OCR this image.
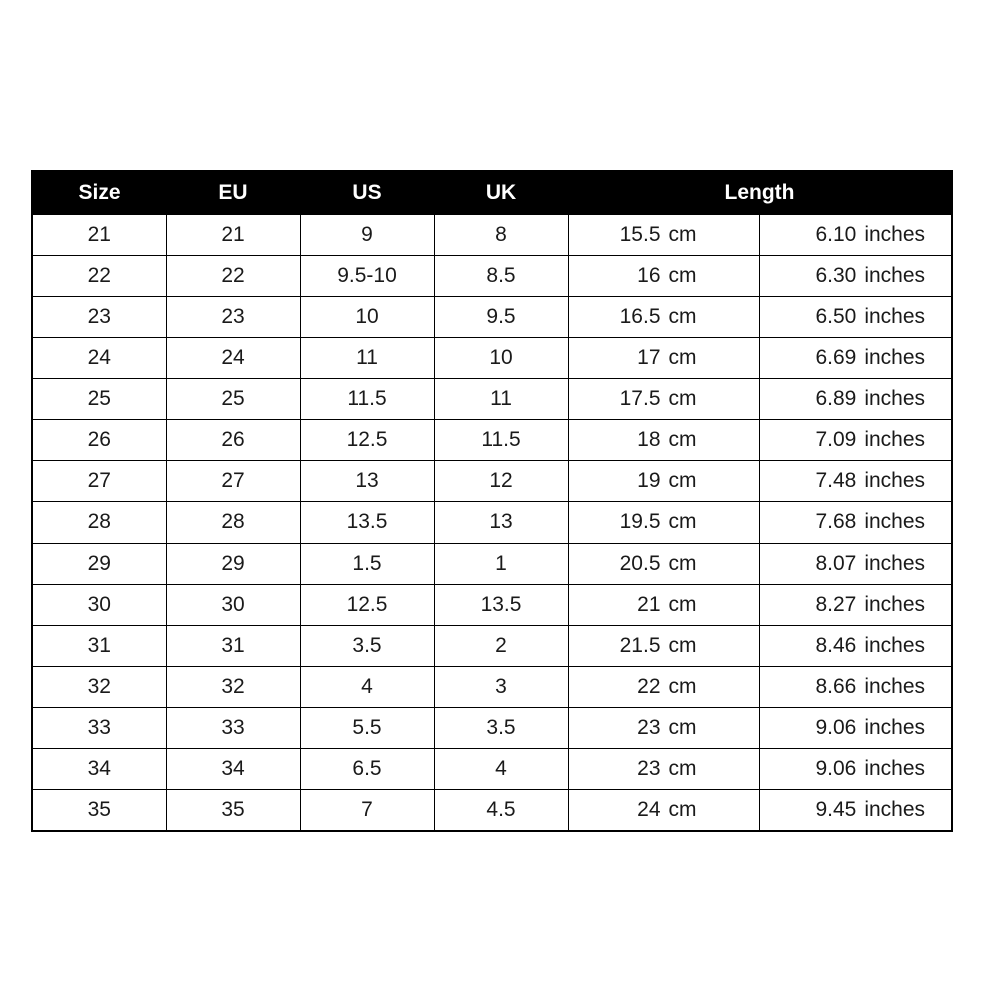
Size	EU	US	UK	Length	
21	21	9	8	15.5 cm	6.10 inches
22	22	9.5-10	8.5	16 cm	6.30 inches
23	23	10	9.5	16.5 cm	6.50 inches
24	24	11	10	17 cm	6.69 inches
25	25	11.5	11	17.5 cm	6.89 inches
26	26	12.5	11.5	18 cm	7.09 inches
27	27	13	12	19 cm	7.48 inches
28	28	13.5	13	19.5 cm	7.68 inches
29	29	1.5	1	20.5 cm	8.07 inches
30	30	12.5	13.5	21 cm	8.27 inches
31	31	3.5	2	21.5 cm	8.46 inches
32	32	4	3	22 cm	8.66 inches
33	33	5.5	3.5	23 cm	9.06 inches
34	34	6.5	4	23 cm	9.06 inches
35	35	7	4.5	24 cm	9.45 inches
